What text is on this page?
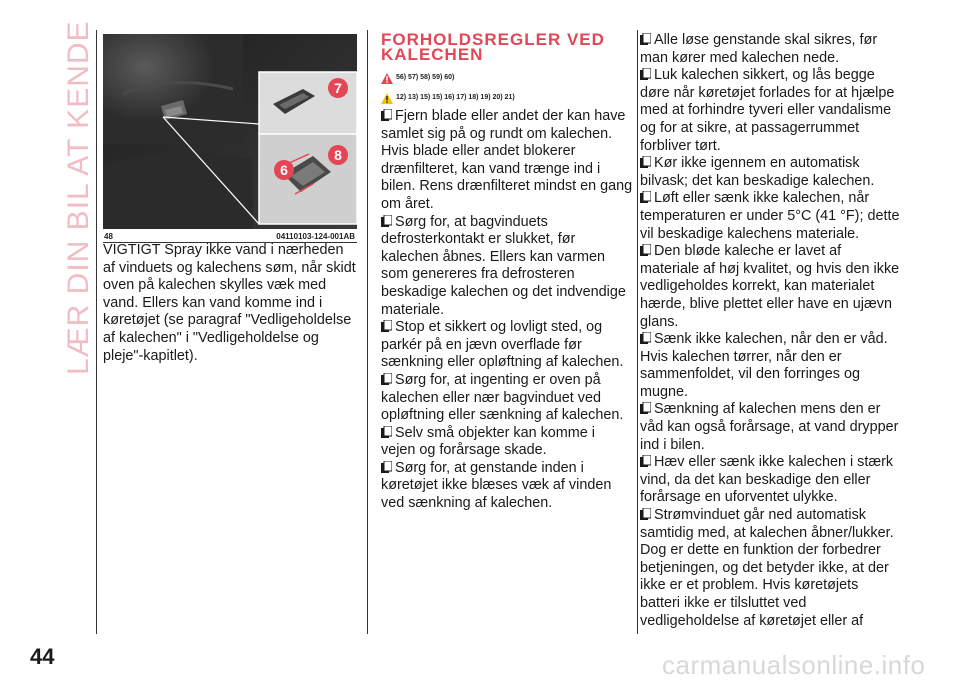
LÆR DIN BIL AT KENDE	7
8
6
48	04110103-124-001AB

VIGTIGT Spray ikke vand i nærheden af vinduets og kalechens søm, når skidt oven på kalechen skylles væk med vand. Ellers kan vand komme ind i køretøjet (se paragraf "Vedligeholdelse af kalechen" i "Vedligeholdelse og pleje"-kapitlet).

FORHOLDSREGLER VED
KALECHEN
56) 57) 58) 59) 60)
12) 13) 15) 15) 16) 17) 18) 19) 20) 21)

Fjern blade eller andet der kan have samlet sig på og rundt om kalechen. Hvis blade eller andet blokerer drænfilteret, kan vand trænge ind i bilen. Rens drænfilteret mindst en gang om året.

Sørg for, at bagvinduets defrosterkontakt er slukket, før kalechen åbnes. Ellers kan varmen som genereres fra defrosteren beskadige kalechen og det indvendige materiale.

Stop et sikkert og lovligt sted, og parkér på en jævn overflade før sænkning eller opløftning af kalechen.

Sørg for, at ingenting er oven på kalechen eller nær bagvinduet ved opløftning eller sænkning af kalechen.

Selv små objekter kan komme i vejen og forårsage skade.

Sørg for, at genstande inden i køretøjet ikke blæses væk af vinden ved sænkning af kalechen.

Alle løse genstande skal sikres, før man kører med kalechen nede.

Luk kalechen sikkert, og lås begge døre når køretøjet forlades for at hjælpe med at forhindre tyveri eller vandalisme og for at sikre, at passagerrummet forbliver tørt.

Kør ikke igennem en automatisk bilvask; det kan beskadige kalechen.

Løft eller sænk ikke kalechen, når temperaturen er under 5°C (41 °F); dette vil beskadige kalechens materiale.

Den bløde kaleche er lavet af materiale af høj kvalitet, og hvis den ikke vedligeholdes korrekt, kan materialet hærde, blive plettet eller have en ujævn glans.

Sænk ikke kalechen, når den er våd. Hvis kalechen tørrer, når den er sammenfoldet, vil den forringes og mugne.

Sænkning af kalechen mens den er våd kan også forårsage, at vand drypper ind i bilen.

Hæv eller sænk ikke kalechen i stærk vind, da det kan beskadige den eller forårsage en uforventet ulykke.

Strømvinduet går ned automatisk samtidig med, at kalechen åbner/lukker. Dog er dette en funktion der forbedrer betjeningen, og det betyder ikke, at der ikke er et problem. Hvis køretøjets batteri ikke er tilsluttet ved vedligeholdelse af køretøjet eller af

44	carmanualsonline.info
